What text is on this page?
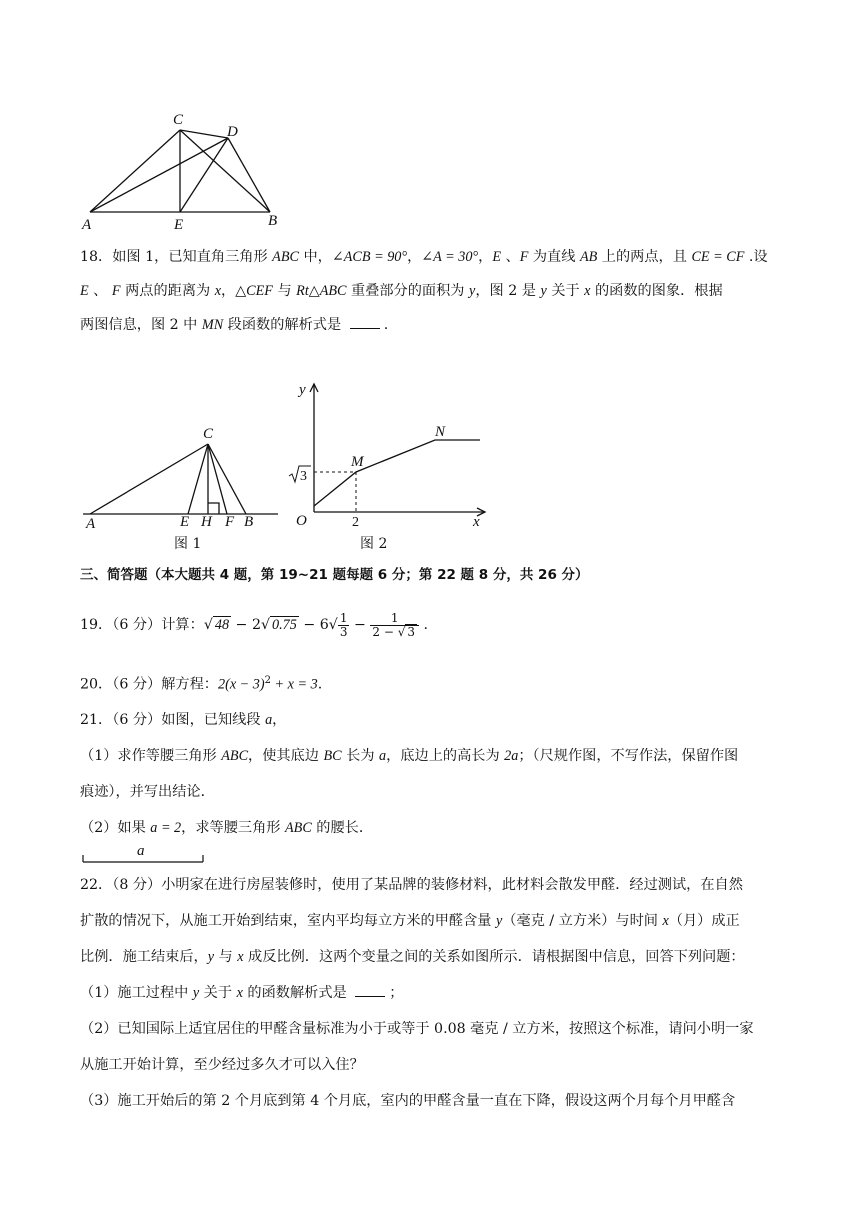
C
D
A	E	B
18．如图 1，已知直角三角形 ABC 中，∠ACB = 90°，∠A = 30°，E 、F 为直线 AB 上的两点，且 CE = CF .设
E 、 F 两点的距离为 x，△CEF 与 Rt△ABC 重叠部分的面积为 y，图 2 是 y 关于 x 的函数的图象．根据
两图信息，图 2 中 MN 段函数的解析式是	.
C
A	E H F B
图 1
y
x
O
M
N
2
3
图 2
三、简答题（本大题共 4 题，第 19~21 题每题 6 分；第 22 题 8 分，共 26 分）
19．（6 分）计算：√ 48 − 2√ $0.75 - 6√ \frac{1}{3} - \frac{1}{2 - √ 3}$ .
20．（6 分）解方程：$2(x - 3)^2 + x = 3$.
21．（6 分）如图，已知线段 a，
（1）求作等腰三角形 ABC，使其底边 BC 长为 a，底边上的高长为 2a；（尺规作图，不写作法，保留作图
痕迹），并写出结论．
（2）如果 a = 2，求等腰三角形 ABC 的腰长．
a
22．（8 分）小明家在进行房屋装修时，使用了某品牌的装修材料，此材料会散发甲醛．经过测试，在自然
扩散的情况下，从施工开始到结束，室内平均每立方米的甲醛含量 y（毫克 / 立方米）与时间 x（月）成正
比例．施工结束后，y 与 x 成反比例．这两个变量之间的关系如图所示．请根据图中信息，回答下列问题：
（1）施工过程中 y 关于 x 的函数解析式是	；
（2）已知国际上适宜居住的甲醛含量标准为小于或等于 0.08 毫克 / 立方米，按照这个标准，请问小明一家
从施工开始计算，至少经过多久才可以入住？
（3）施工开始后的第 2 个月底到第 4 个月底，室内的甲醛含量一直在下降，假设这两个月每个月甲醛含
